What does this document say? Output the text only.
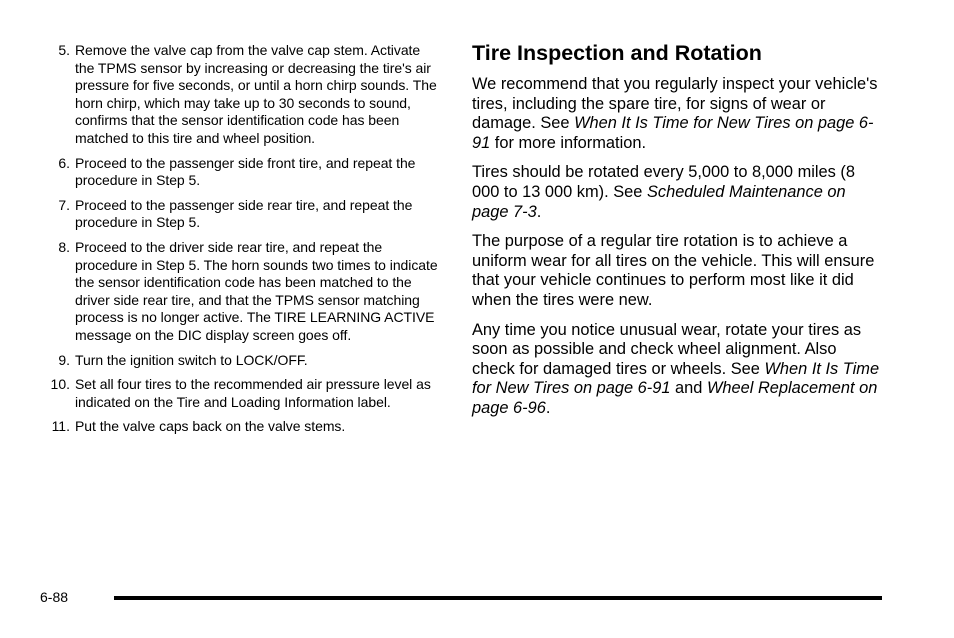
5. Remove the valve cap from the valve cap stem. Activate the TPMS sensor by increasing or decreasing the tire's air pressure for five seconds, or until a horn chirp sounds. The horn chirp, which may take up to 30 seconds to sound, confirms that the sensor identification code has been matched to this tire and wheel position.
6. Proceed to the passenger side front tire, and repeat the procedure in Step 5.
7. Proceed to the passenger side rear tire, and repeat the procedure in Step 5.
8. Proceed to the driver side rear tire, and repeat the procedure in Step 5. The horn sounds two times to indicate the sensor identification code has been matched to the driver side rear tire, and that the TPMS sensor matching process is no longer active. The TIRE LEARNING ACTIVE message on the DIC display screen goes off.
9. Turn the ignition switch to LOCK/OFF.
10. Set all four tires to the recommended air pressure level as indicated on the Tire and Loading Information label.
11. Put the valve caps back on the valve stems.
Tire Inspection and Rotation

We recommend that you regularly inspect your vehicle's tires, including the spare tire, for signs of wear or damage. See When It Is Time for New Tires on page 6-91 for more information.

Tires should be rotated every 5,000 to 8,000 miles (8 000 to 13 000 km). See Scheduled Maintenance on page 7-3.

The purpose of a regular tire rotation is to achieve a uniform wear for all tires on the vehicle. This will ensure that your vehicle continues to perform most like it did when the tires were new.

Any time you notice unusual wear, rotate your tires as soon as possible and check wheel alignment. Also check for damaged tires or wheels. See When It Is Time for New Tires on page 6-91 and Wheel Replacement on page 6-96.

6-88
